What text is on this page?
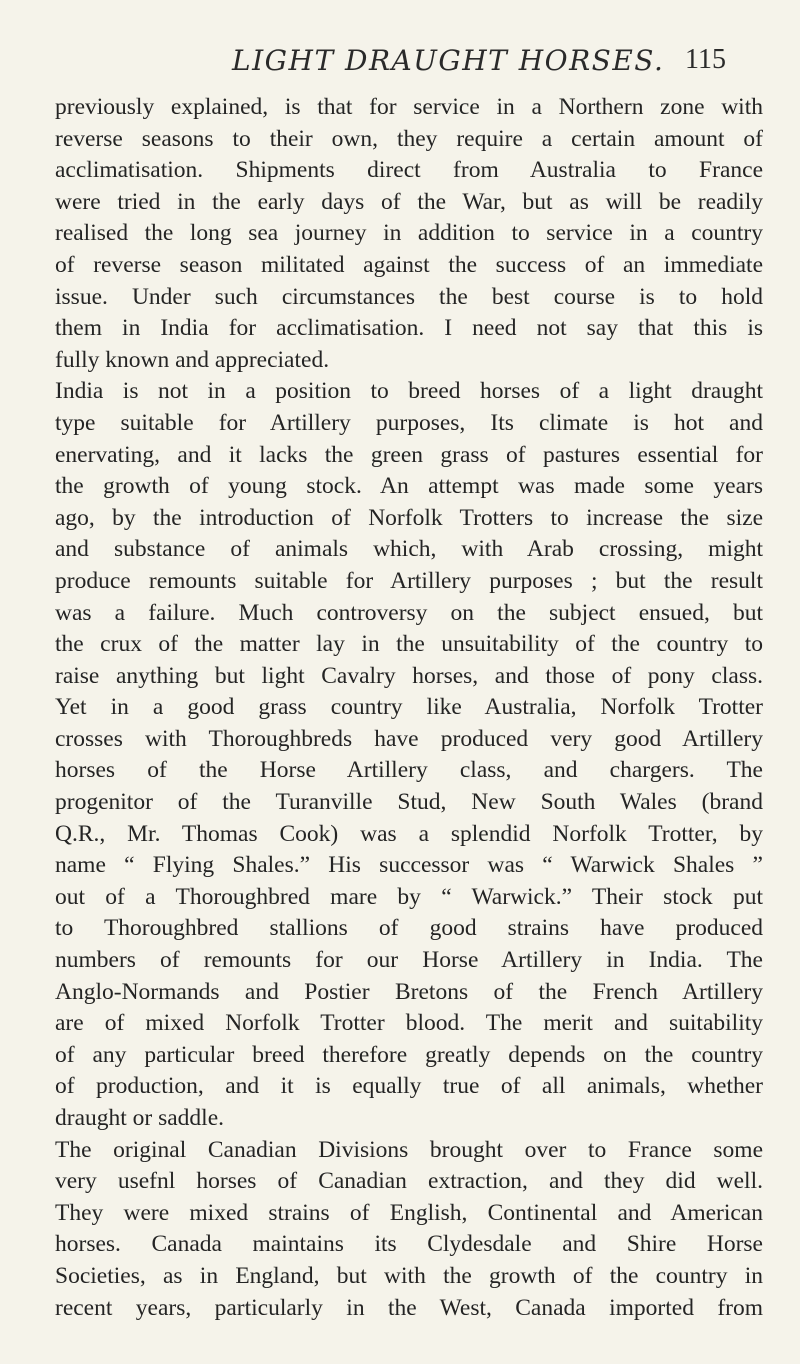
LIGHT DRAUGHT HORSES. 115
previously explained, is that for service in a Northern zone with
reverse seasons to their own, they require a certain amount of
acclimatisation. Shipments direct from Australia to France
were tried in the early days of the War, but as will be readily
realised the long sea journey in addition to service in a country
of reverse season militated against the success of an immediate
issue. Under such circumstances the best course is to hold
them in India for acclimatisation. I need not say that this is
fully known and appreciated.
India is not in a position to breed horses of a light draught
type suitable for Artillery purposes, Its climate is hot and
enervating, and it lacks the green grass of pastures essential for
the growth of young stock. An attempt was made some years
ago, by the introduction of Norfolk Trotters to increase the size
and substance of animals which, with Arab crossing, might
produce remounts suitable for Artillery purposes ; but the result
was a failure. Much controversy on the subject ensued, but
the crux of the matter lay in the unsuitability of the country to
raise anything but light Cavalry horses, and those of pony class.
Yet in a good grass country like Australia, Norfolk Trotter
crosses with Thoroughbreds have produced very good Artillery
horses of the Horse Artillery class, and chargers. The
progenitor of the Turanville Stud, New South Wales (brand
Q.R., Mr. Thomas Cook) was a splendid Norfolk Trotter, by
name “ Flying Shales.” His successor was “ Warwick Shales ”
out of a Thoroughbred mare by “ Warwick.” Their stock put
to Thoroughbred stallions of good strains have produced
numbers of remounts for our Horse Artillery in India. The
Anglo-Normands and Postier Bretons of the French Artillery
are of mixed Norfolk Trotter blood. The merit and suitability
of any particular breed therefore greatly depends on the country
of production, and it is equally true of all animals, whether
draught or saddle.
The original Canadian Divisions brought over to France some
very usefnl horses of Canadian extraction, and they did well.
They were mixed strains of English, Continental and American
horses. Canada maintains its Clydesdale and Shire Horse
Societies, as in England, but with the growth of the country in
recent years, particularly in the West, Canada imported from
